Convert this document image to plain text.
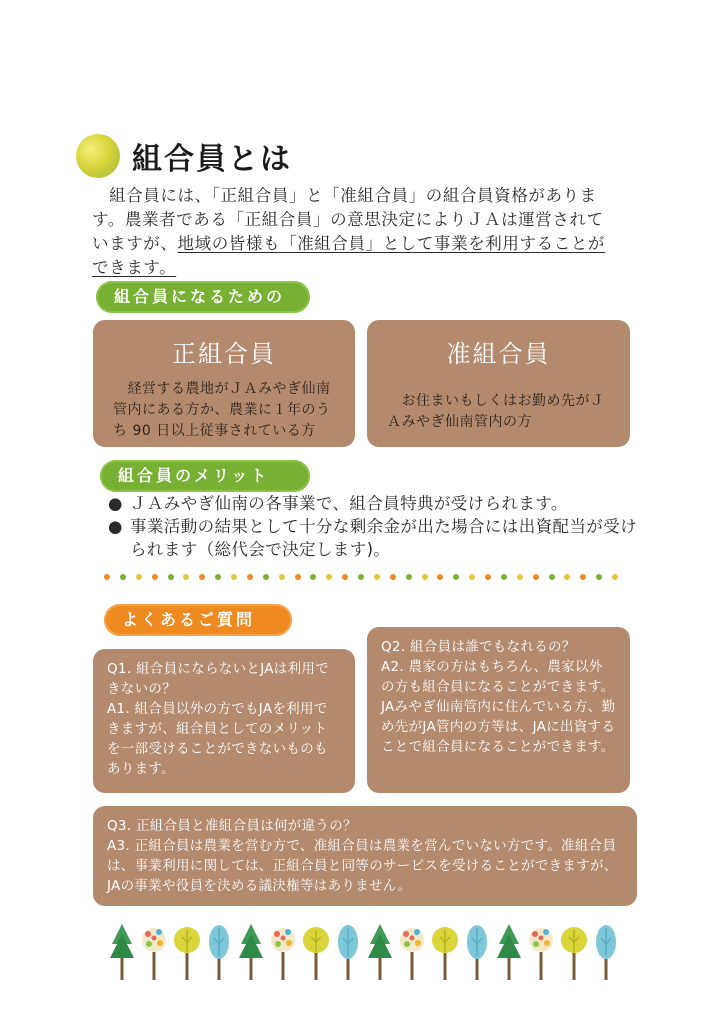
組合員とは
　組合員には、「正組合員」と「准組合員」の組合員資格がありま
す。農業者である「正組合員」の意思決定によりＪＡは運営されて
いますが、地域の皆様も「准組合員」として事業を利用することが
できます。
組合員になるための
正組合員
　経営する農地がＪＡみやぎ仙南管内にある方か、農業に１年のうち 90 日以上従事されている方
准組合員
　お住まいもしくはお勤め先がＪＡみやぎ仙南管内の方
組合員のメリット
● ＪＡみやぎ仙南の各事業で、組合員特典が受けられます。
● 事業活動の結果として十分な剰余金が出た場合には出資配当が受けられます（総代会で決定します)。
よくあるご質問
Q1. 組合員にならないとJAは利用できないの？
A1. 組合員以外の方でもJAを利用できますが、組合員としてのメリットを一部受けることができないものもあります。
Q2. 組合員は誰でもなれるの？
A2. 農家の方はもちろん、農家以外の方も組合員になることができます。JAみやぎ仙南管内に住んでいる方、勤め先がJA管内の方等は、JAに出資することで組合員になることができます。
Q3. 正組合員と准組合員は何が違うの？
A3. 正組合員は農業を営む方で、准組合員は農業を営んでいない方です。准組合員は、事業利用に関しては、正組合員と同等のサービスを受けることができますが、JAの事業や役員を決める議決権等はありません。
